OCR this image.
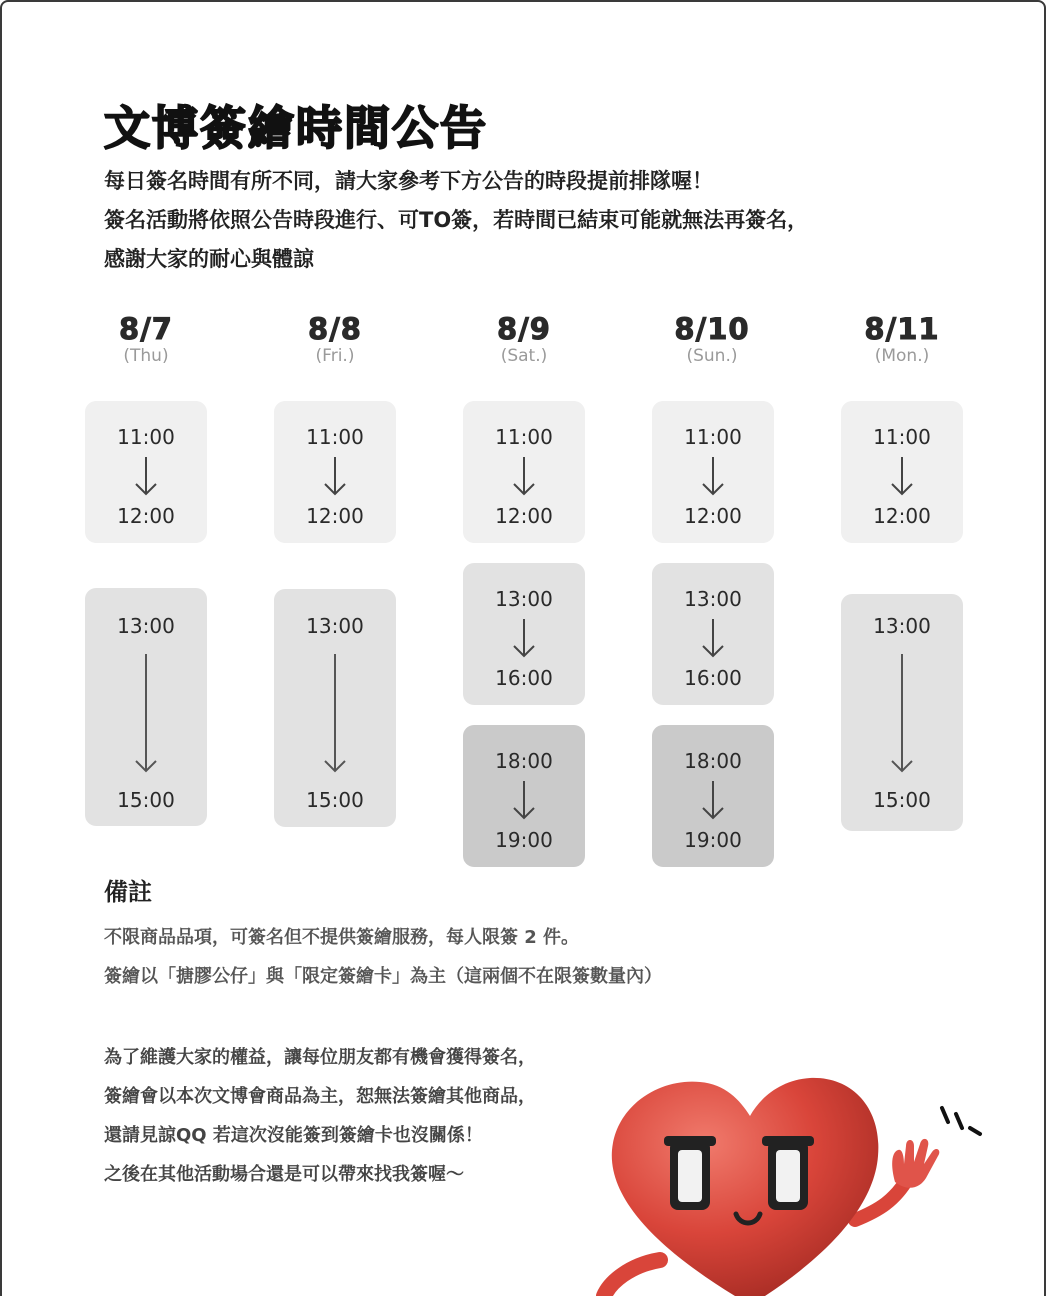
文博簽繪時間公告
每日簽名時間有所不同，請大家參考下方公告的時段提前排隊喔！
簽名活動將依照公告時段進行、可TO簽，若時間已結束可能就無法再簽名，
感謝大家的耐心與體諒
8/7
(Thu)
8/8
(Fri.)
8/9
(Sat.)
8/10
(Sun.)
8/11
(Mon.)
11:00
12:00
11:00
12:00
11:00
12:00
11:00
12:00
11:00
12:00
13:00
15:00
13:00
15:00
13:00
15:00
13:00
16:00
13:00
16:00
18:00
19:00
18:00
19:00
備註
不限商品品項，可簽名但不提供簽繪服務，每人限簽 2 件。
簽繪以「搪膠公仔」與「限定簽繪卡」為主（這兩個不在限簽數量內）
為了維護大家的權益，讓每位朋友都有機會獲得簽名，
簽繪會以本次文博會商品為主，恕無法簽繪其他商品，
還請見諒QQ 若這次沒能簽到簽繪卡也沒關係！
之後在其他活動場合還是可以帶來找我簽喔～
